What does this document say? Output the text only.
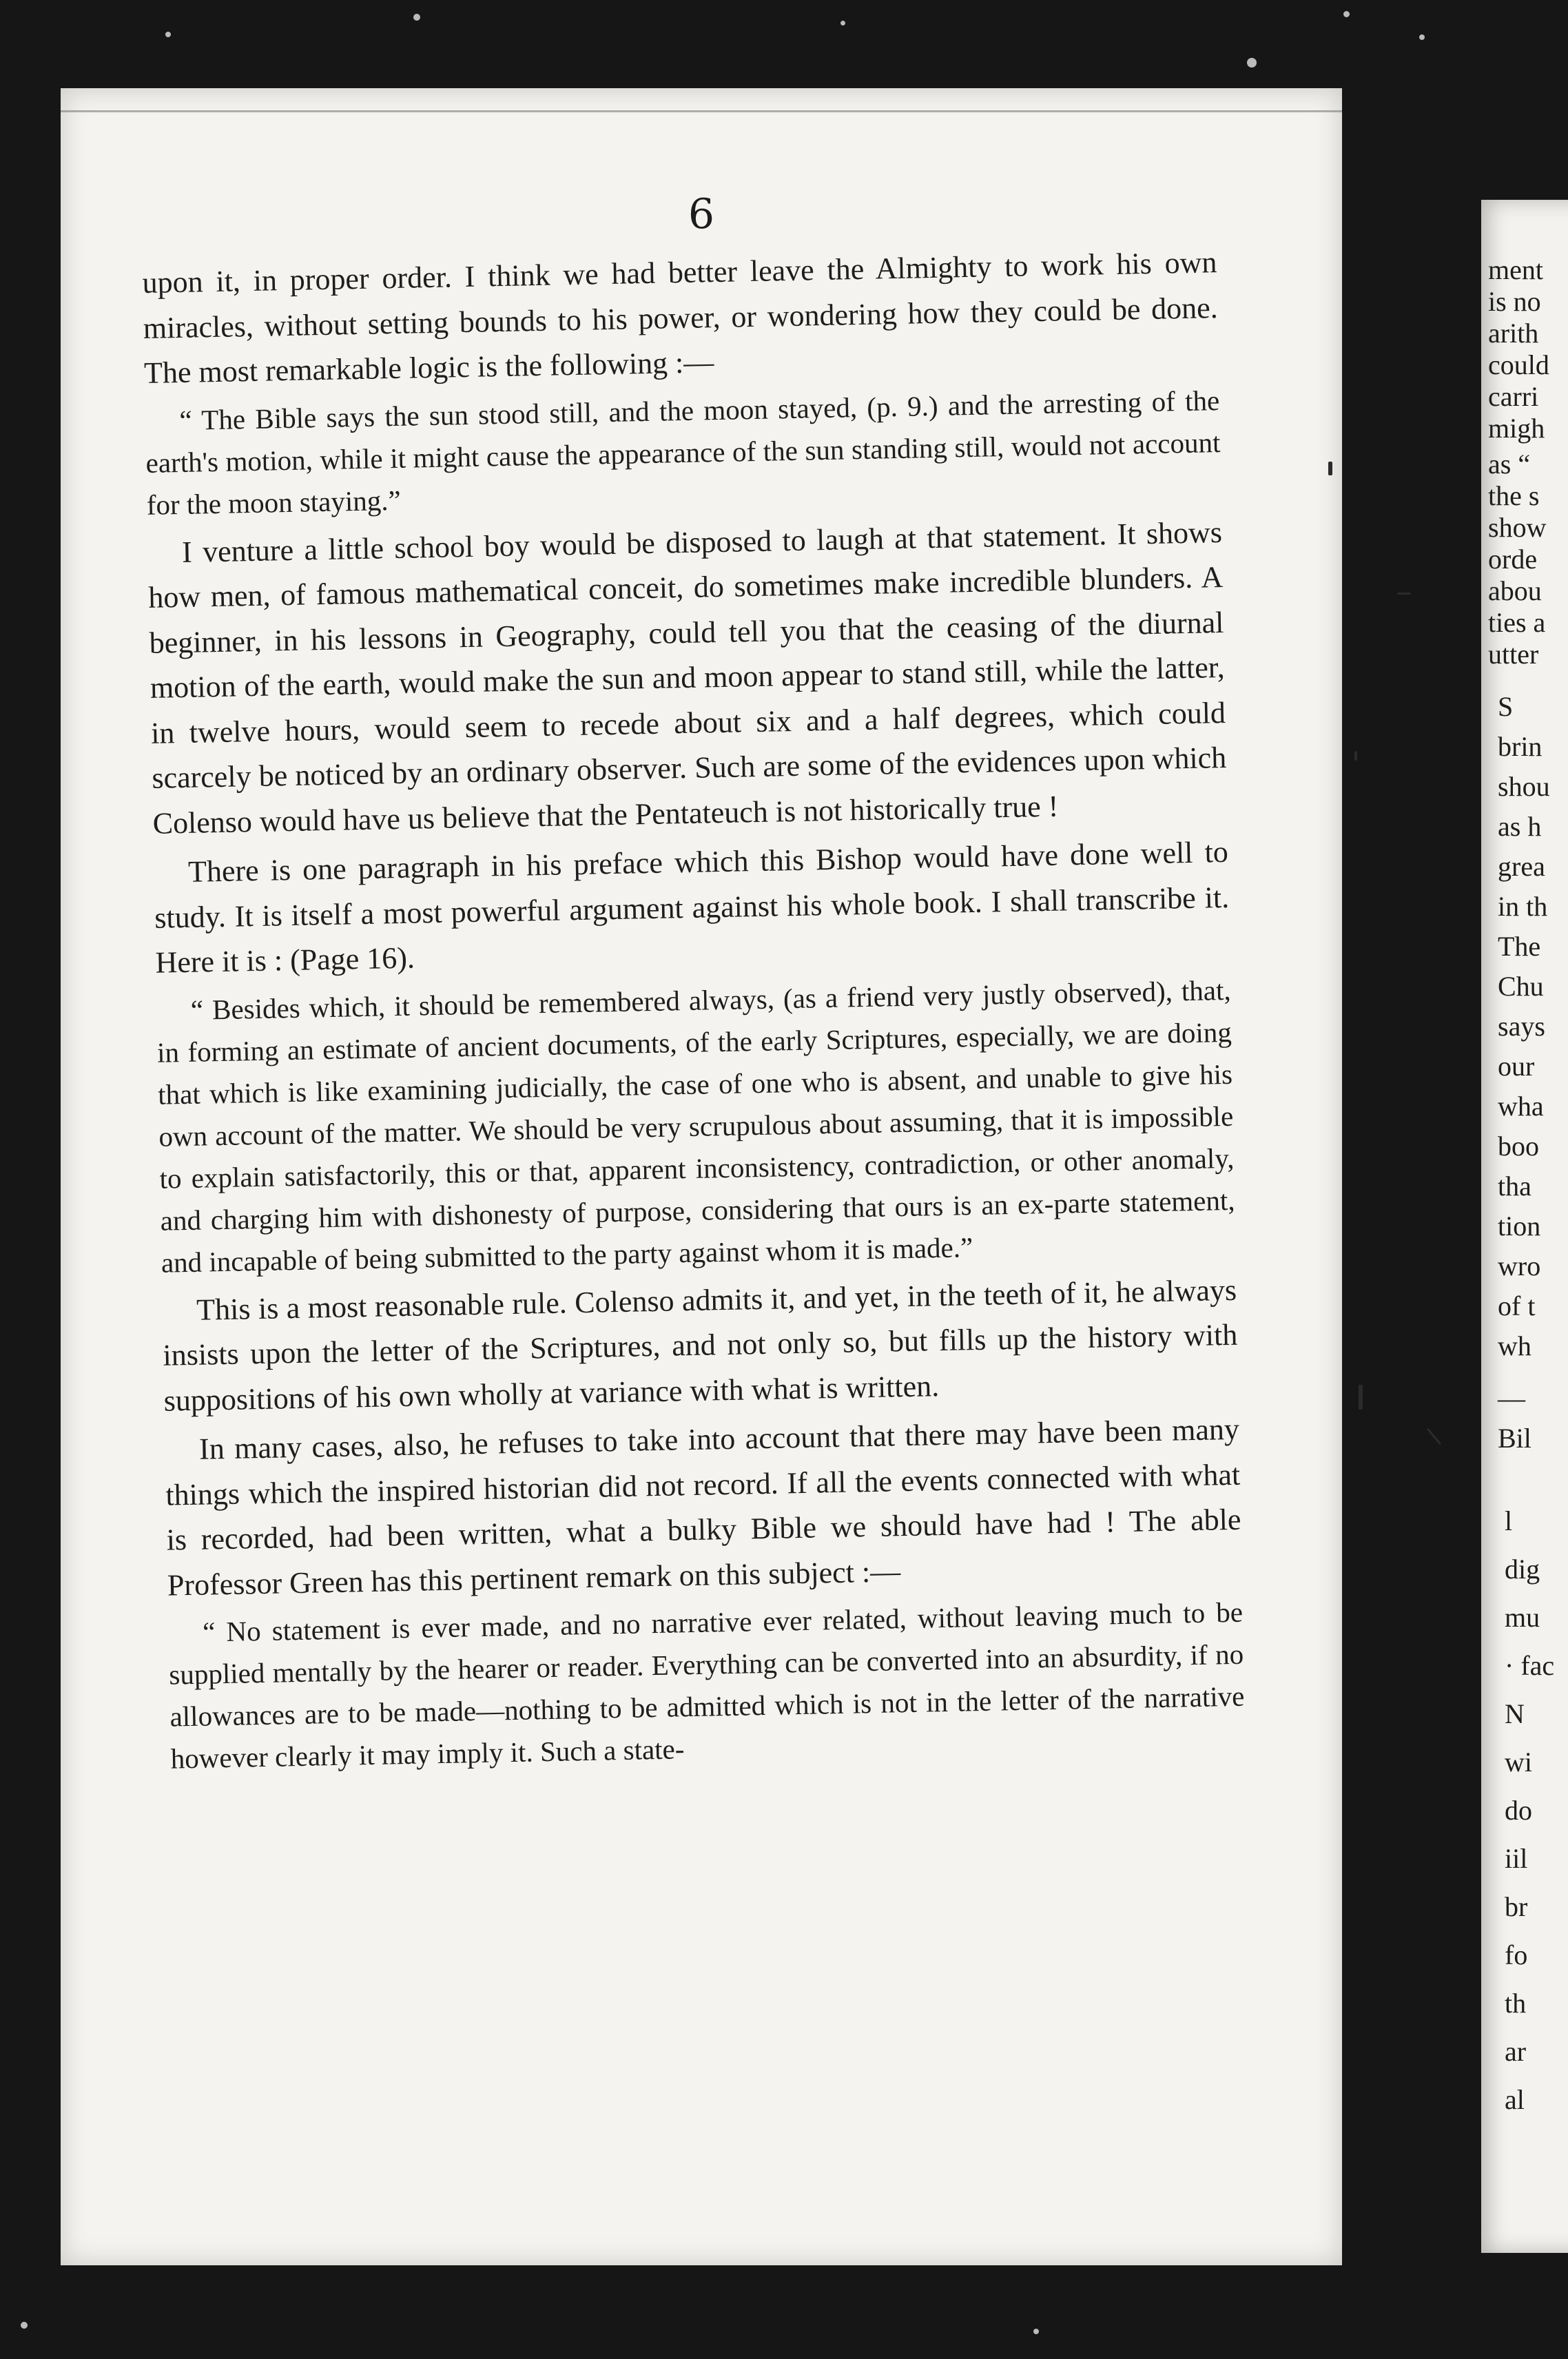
6

upon it, in proper order. I think we had better leave the Almighty to work his own miracles, without setting bounds to his power, or wondering how they could be done. The most remarkable logic is the following :—

“ The Bible says the sun stood still, and the moon stayed, (p. 9.) and the arresting of the earth's motion, while it might cause the appearance of the sun standing still, would not account for the moon staying.”

I venture a little school boy would be disposed to laugh at that statement. It shows how men, of famous mathematical conceit, do sometimes make incredible blunders. A beginner, in his lessons in Geography, could tell you that the ceasing of the diurnal motion of the earth, would make the sun and moon appear to stand still, while the latter, in twelve hours, would seem to recede about six and a half degrees, which could scarcely be noticed by an ordinary observer. Such are some of the evidences upon which Colenso would have us believe that the Pentateuch is not historically true !

There is one paragraph in his preface which this Bishop would have done well to study. It is itself a most powerful argument against his whole book. I shall transcribe it. Here it is : (Page 16).

“ Besides which, it should be remembered always, (as a friend very justly observed), that, in forming an estimate of ancient documents, of the early Scriptures, especially, we are doing that which is like examining judicially, the case of one who is absent, and unable to give his own account of the matter. We should be very scrupulous about assuming, that it is impossible to explain satisfactorily, this or that, apparent inconsistency, contradiction, or other anomaly, and charging him with dishonesty of purpose, considering that ours is an ex-parte statement, and incapable of being submitted to the party against whom it is made.”

This is a most reasonable rule. Colenso admits it, and yet, in the teeth of it, he always insists upon the letter of the Scriptures, and not only so, but fills up the history with suppositions of his own wholly at variance with what is written.

In many cases, also, he refuses to take into account that there may have been many things which the inspired historian did not record. If all the events connected with what is recorded, had been written, what a bulky Bible we should have had ! The able Professor Green has this pertinent remark on this subject :—

“ No statement is ever made, and no narrative ever related, without leaving much to be supplied mentally by the hearer or reader. Everything can be converted into an absurdity, if no allowances are to be made—nothing to be admitted which is not in the letter of the narrative however clearly it may imply it. Such a state-

ment
is no
arith
could
carri
migh
as “
the s
show
orde
abou
ties a
utter
S
brin
shou
as h
grea
in th
The
Chu
says
our
wha
boo
tha
tion
wro
of t
wh
—
Bil
l
dig
mu
· fac
N
wi
do
iil
br
fo
th
ar
al
